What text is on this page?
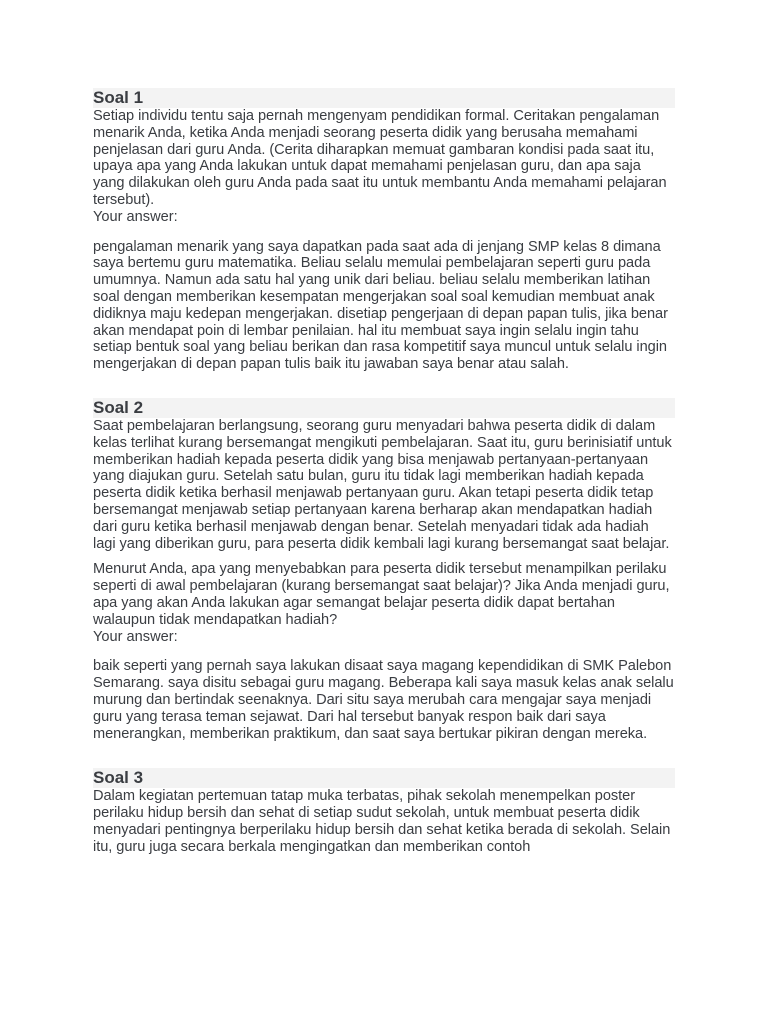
Soal 1

Setiap individu tentu saja pernah mengenyam pendidikan formal. Ceritakan pengalaman menarik Anda, ketika Anda menjadi seorang peserta didik yang berusaha memahami penjelasan dari guru Anda. (Cerita diharapkan memuat gambaran kondisi pada saat itu, upaya apa yang Anda lakukan untuk dapat memahami penjelasan guru, dan apa saja yang dilakukan oleh guru Anda pada saat itu untuk membantu Anda memahami pelajaran tersebut).

Your answer:

pengalaman menarik yang saya dapatkan pada saat ada di jenjang SMP kelas 8 dimana saya bertemu guru matematika. Beliau selalu memulai pembelajaran seperti guru pada umumnya. Namun ada satu hal yang unik dari beliau. beliau selalu memberikan latihan soal dengan memberikan kesempatan mengerjakan soal soal kemudian membuat anak didiknya maju kedepan mengerjakan. disetiap pengerjaan di depan papan tulis, jika benar akan mendapat poin di lembar penilaian. hal itu membuat saya ingin selalu ingin tahu setiap bentuk soal yang beliau berikan dan rasa kompetitif saya muncul untuk selalu ingin mengerjakan di depan papan tulis baik itu jawaban saya benar atau salah.

Soal 2

Saat pembelajaran berlangsung, seorang guru menyadari bahwa peserta didik di dalam kelas terlihat kurang bersemangat mengikuti pembelajaran. Saat itu, guru berinisiatif untuk memberikan hadiah kepada peserta didik yang bisa menjawab pertanyaan-pertanyaan yang diajukan guru. Setelah satu bulan, guru itu tidak lagi memberikan hadiah kepada peserta didik ketika berhasil menjawab pertanyaan guru. Akan tetapi peserta didik tetap bersemangat menjawab setiap pertanyaan karena berharap akan mendapatkan hadiah dari guru ketika berhasil menjawab dengan benar. Setelah menyadari tidak ada hadiah lagi yang diberikan guru, para peserta didik kembali lagi kurang bersemangat saat belajar.

Menurut Anda, apa yang menyebabkan para peserta didik tersebut menampilkan perilaku seperti di awal pembelajaran (kurang bersemangat saat belajar)? Jika Anda menjadi guru, apa yang akan Anda lakukan agar semangat belajar peserta didik dapat bertahan walaupun tidak mendapatkan hadiah?

Your answer:

baik seperti yang pernah saya lakukan disaat saya magang kependidikan di SMK Palebon Semarang. saya disitu sebagai guru magang. Beberapa kali saya masuk kelas anak selalu murung dan bertindak seenaknya. Dari situ saya merubah cara mengajar saya menjadi guru yang terasa teman sejawat. Dari hal tersebut banyak respon baik dari saya menerangkan, memberikan praktikum, dan saat saya bertukar pikiran dengan mereka.

Soal 3

Dalam kegiatan pertemuan tatap muka terbatas, pihak sekolah menempelkan poster perilaku hidup bersih dan sehat di setiap sudut sekolah, untuk membuat peserta didik menyadari pentingnya berperilaku hidup bersih dan sehat ketika berada di sekolah. Selain itu, guru juga secara berkala mengingatkan dan memberikan contoh
